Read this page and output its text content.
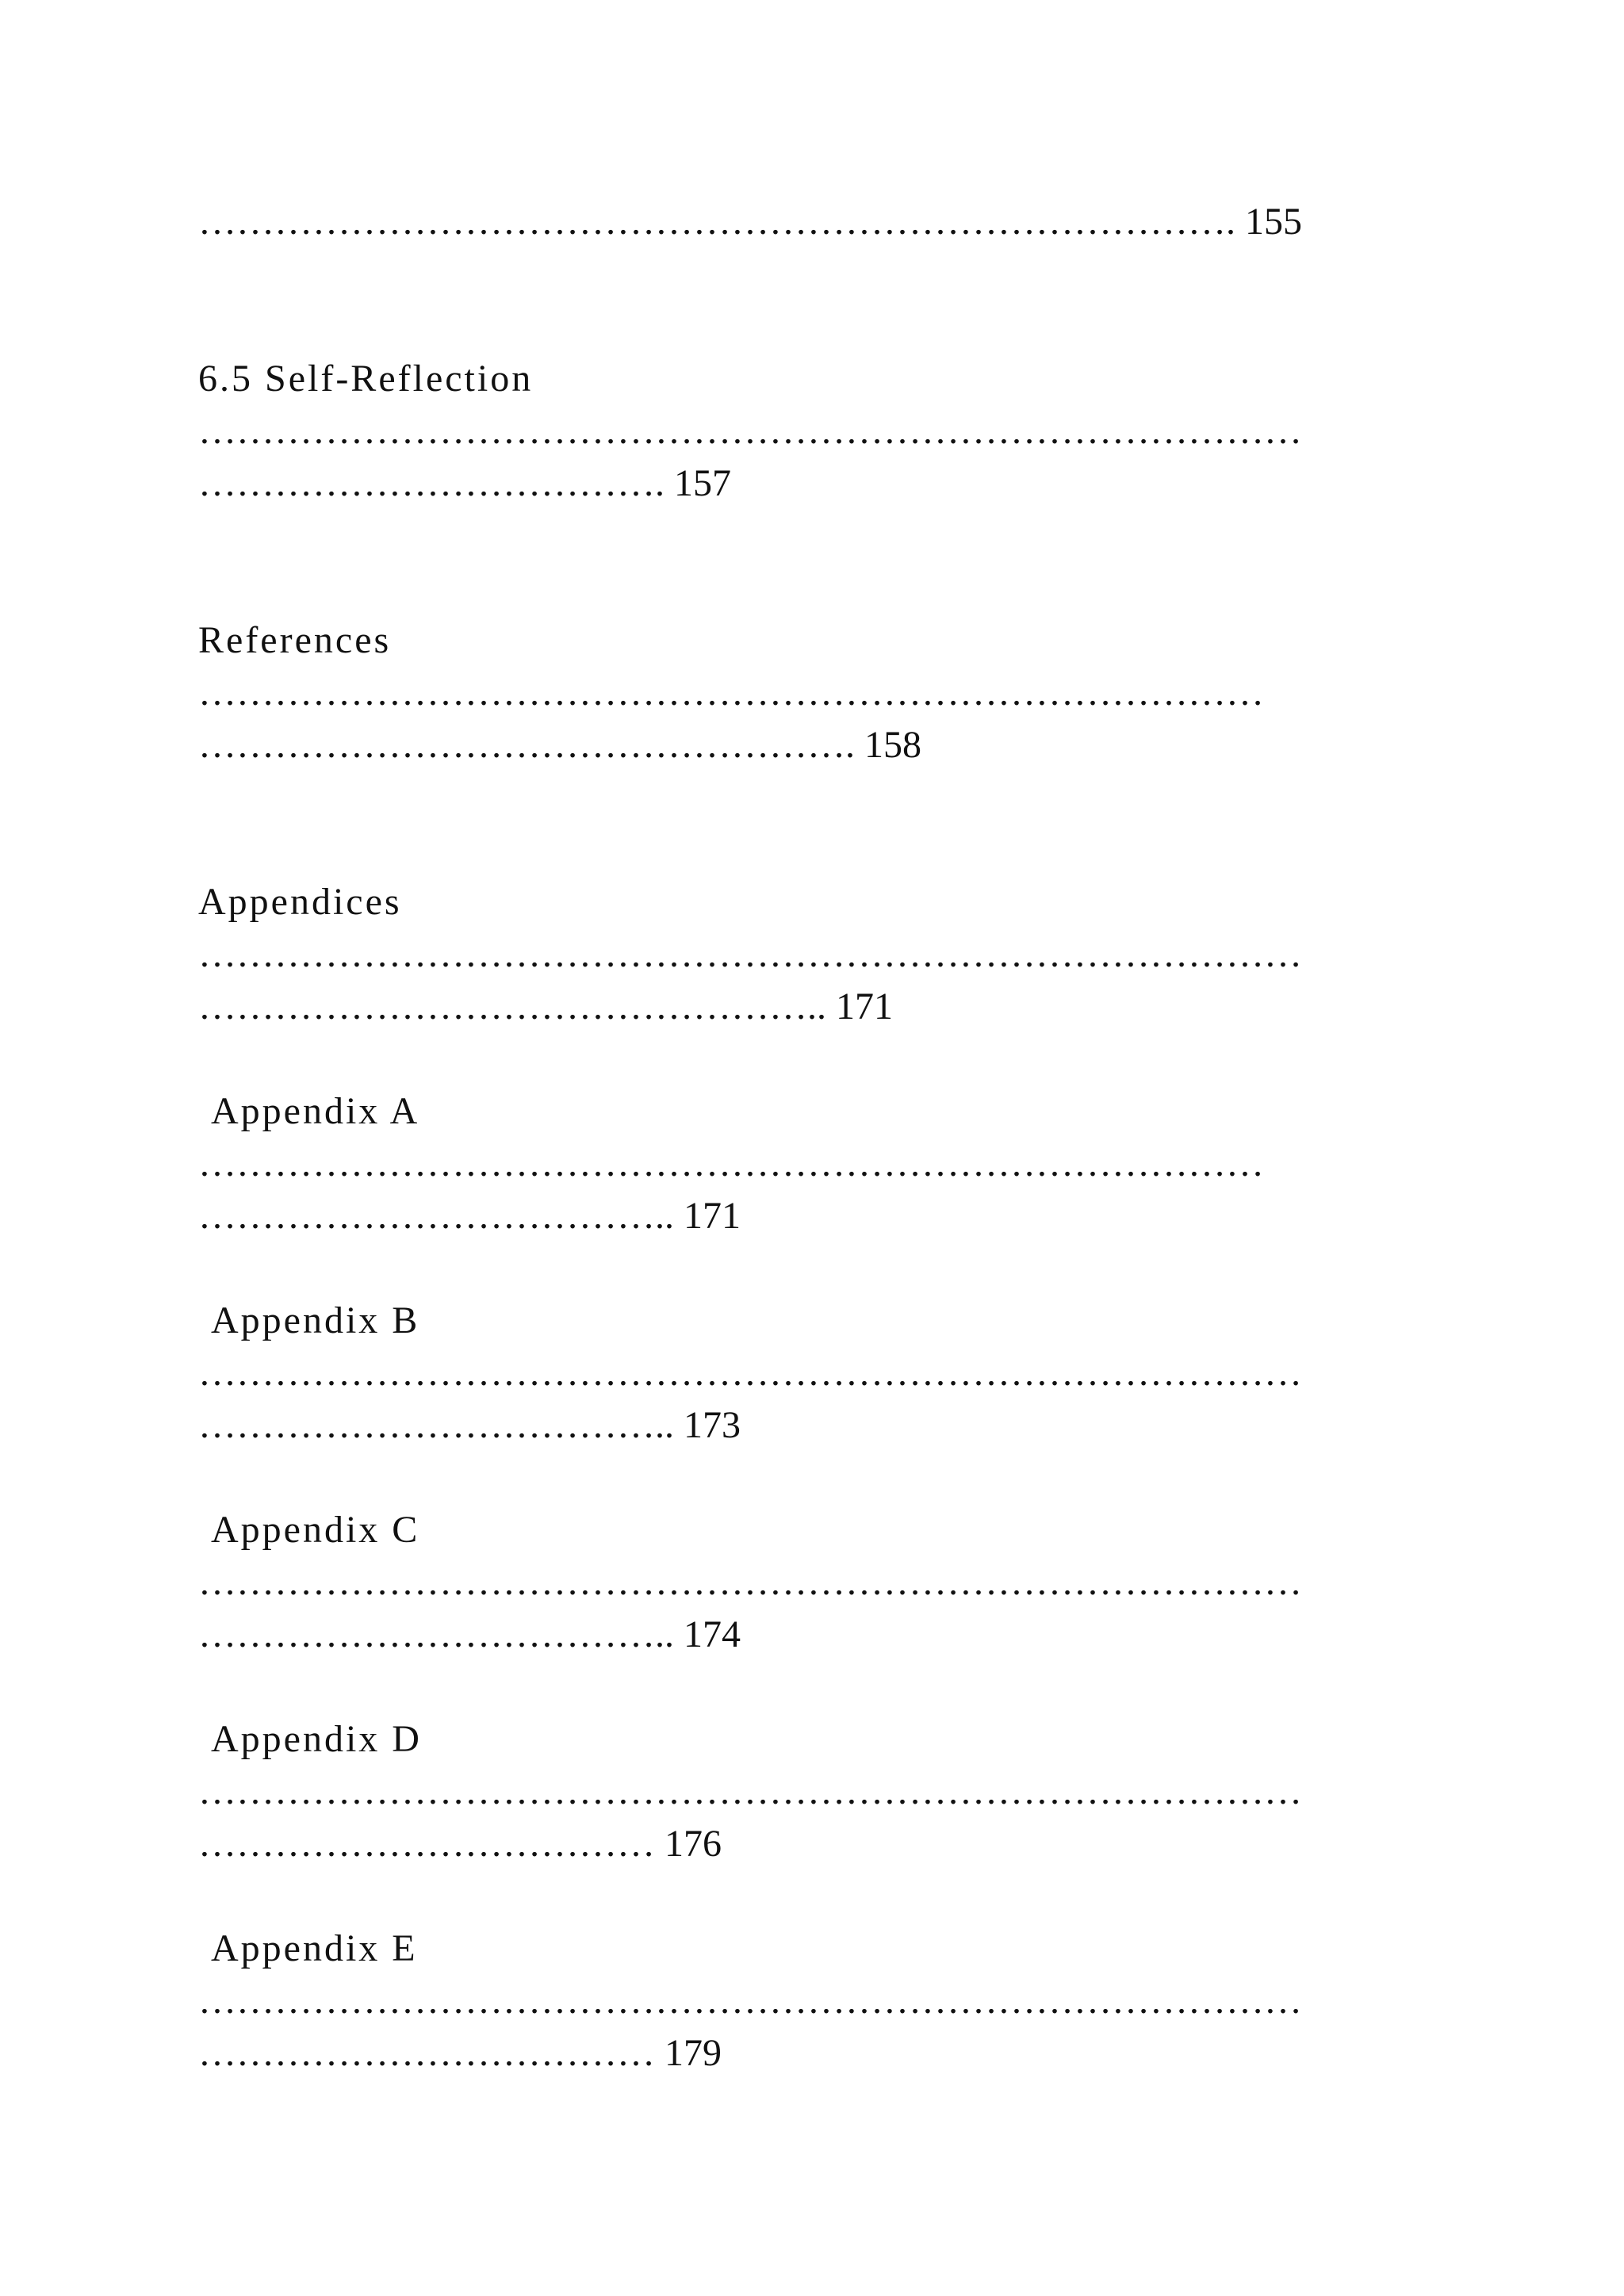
………………………………………………………………………. 155

6.5 Self-Reflection

……………………………………………………………………………

………………………………. 157

References

…………………………………………………………………………

……………………………………………. 158

Appendices

……………………………………………………………………………

………………………………………….. 171

Appendix A

…………………………………………………………………………

……………………………….. 171

Appendix B

……………………………………………………………………………

……………………………….. 173

Appendix C

……………………………………………………………………………

……………………………….. 174

Appendix D

……………………………………………………………………………

……………………………… 176

Appendix E

……………………………………………………………………………

……………………………… 179
